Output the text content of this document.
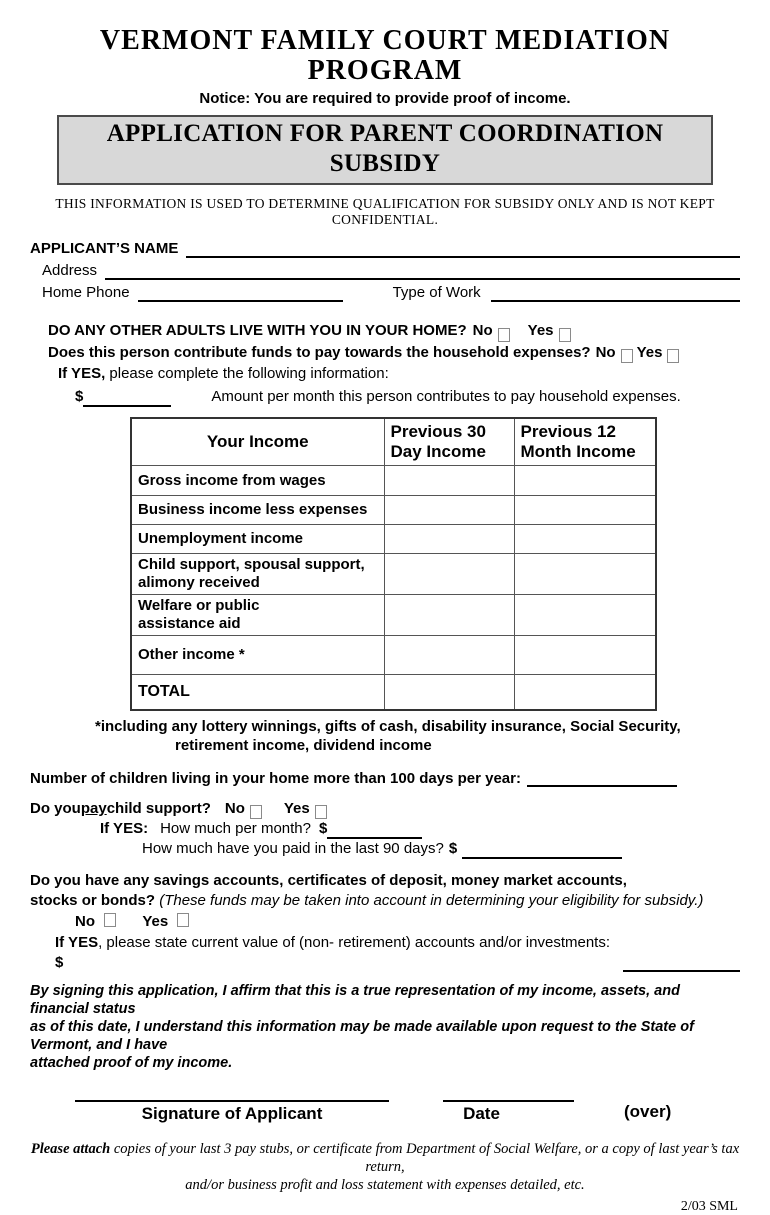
VERMONT FAMILY COURT MEDIATION PROGRAM
Notice: You are required to provide proof of income.
APPLICATION FOR PARENT COORDINATION SUBSIDY
THIS INFORMATION IS USED TO DETERMINE QUALIFICATION FOR SUBSIDY ONLY AND IS NOT KEPT CONFIDENTIAL.
APPLICANT’S NAME
Address
Home Phone	Type of Work
DO ANY OTHER ADULTS LIVE WITH YOU IN YOUR HOME? No Yes
Does this person contribute funds to pay towards the household expenses? No Yes
If YES, please complete the following information:
$	Amount per month this person contributes to pay household expenses.
Your Income	Previous 30
Day Income	Previous 12
Month Income
Gross income from wages		
Business income less expenses		
Unemployment income		
Child support, spousal support,
alimony received		
Welfare or public
assistance aid		
Other income *		
TOTAL		
*including any lottery winnings, gifts of cash, disability insurance, Social Security,
retirement income, dividend income
Number of children living in your home more than 100 days per year:
Do you pay child support? No	Yes
If YES: How much per month? $
How much have you paid in the last 90 days? $
Do you have any savings accounts, certificates of deposit, money market accounts,
stocks or bonds? (These funds may be taken into account in determining your eligibility for subsidy.)
No	Yes
If YES, please state current value of (non- retirement) accounts and/or investments: $
By signing this application, I affirm that this is a true representation of my income, assets, and financial status
as of this date, I understand this information may be made available upon request to the State of Vermont, and I have
attached proof of my income.
Signature of Applicant	Date	(over)
Please attach copies of your last 3 pay stubs, or certificate from Department of Social Welfare, or a copy of last year’s tax return,
and/or business profit and loss statement with expenses detailed, etc.
2/03 SML
